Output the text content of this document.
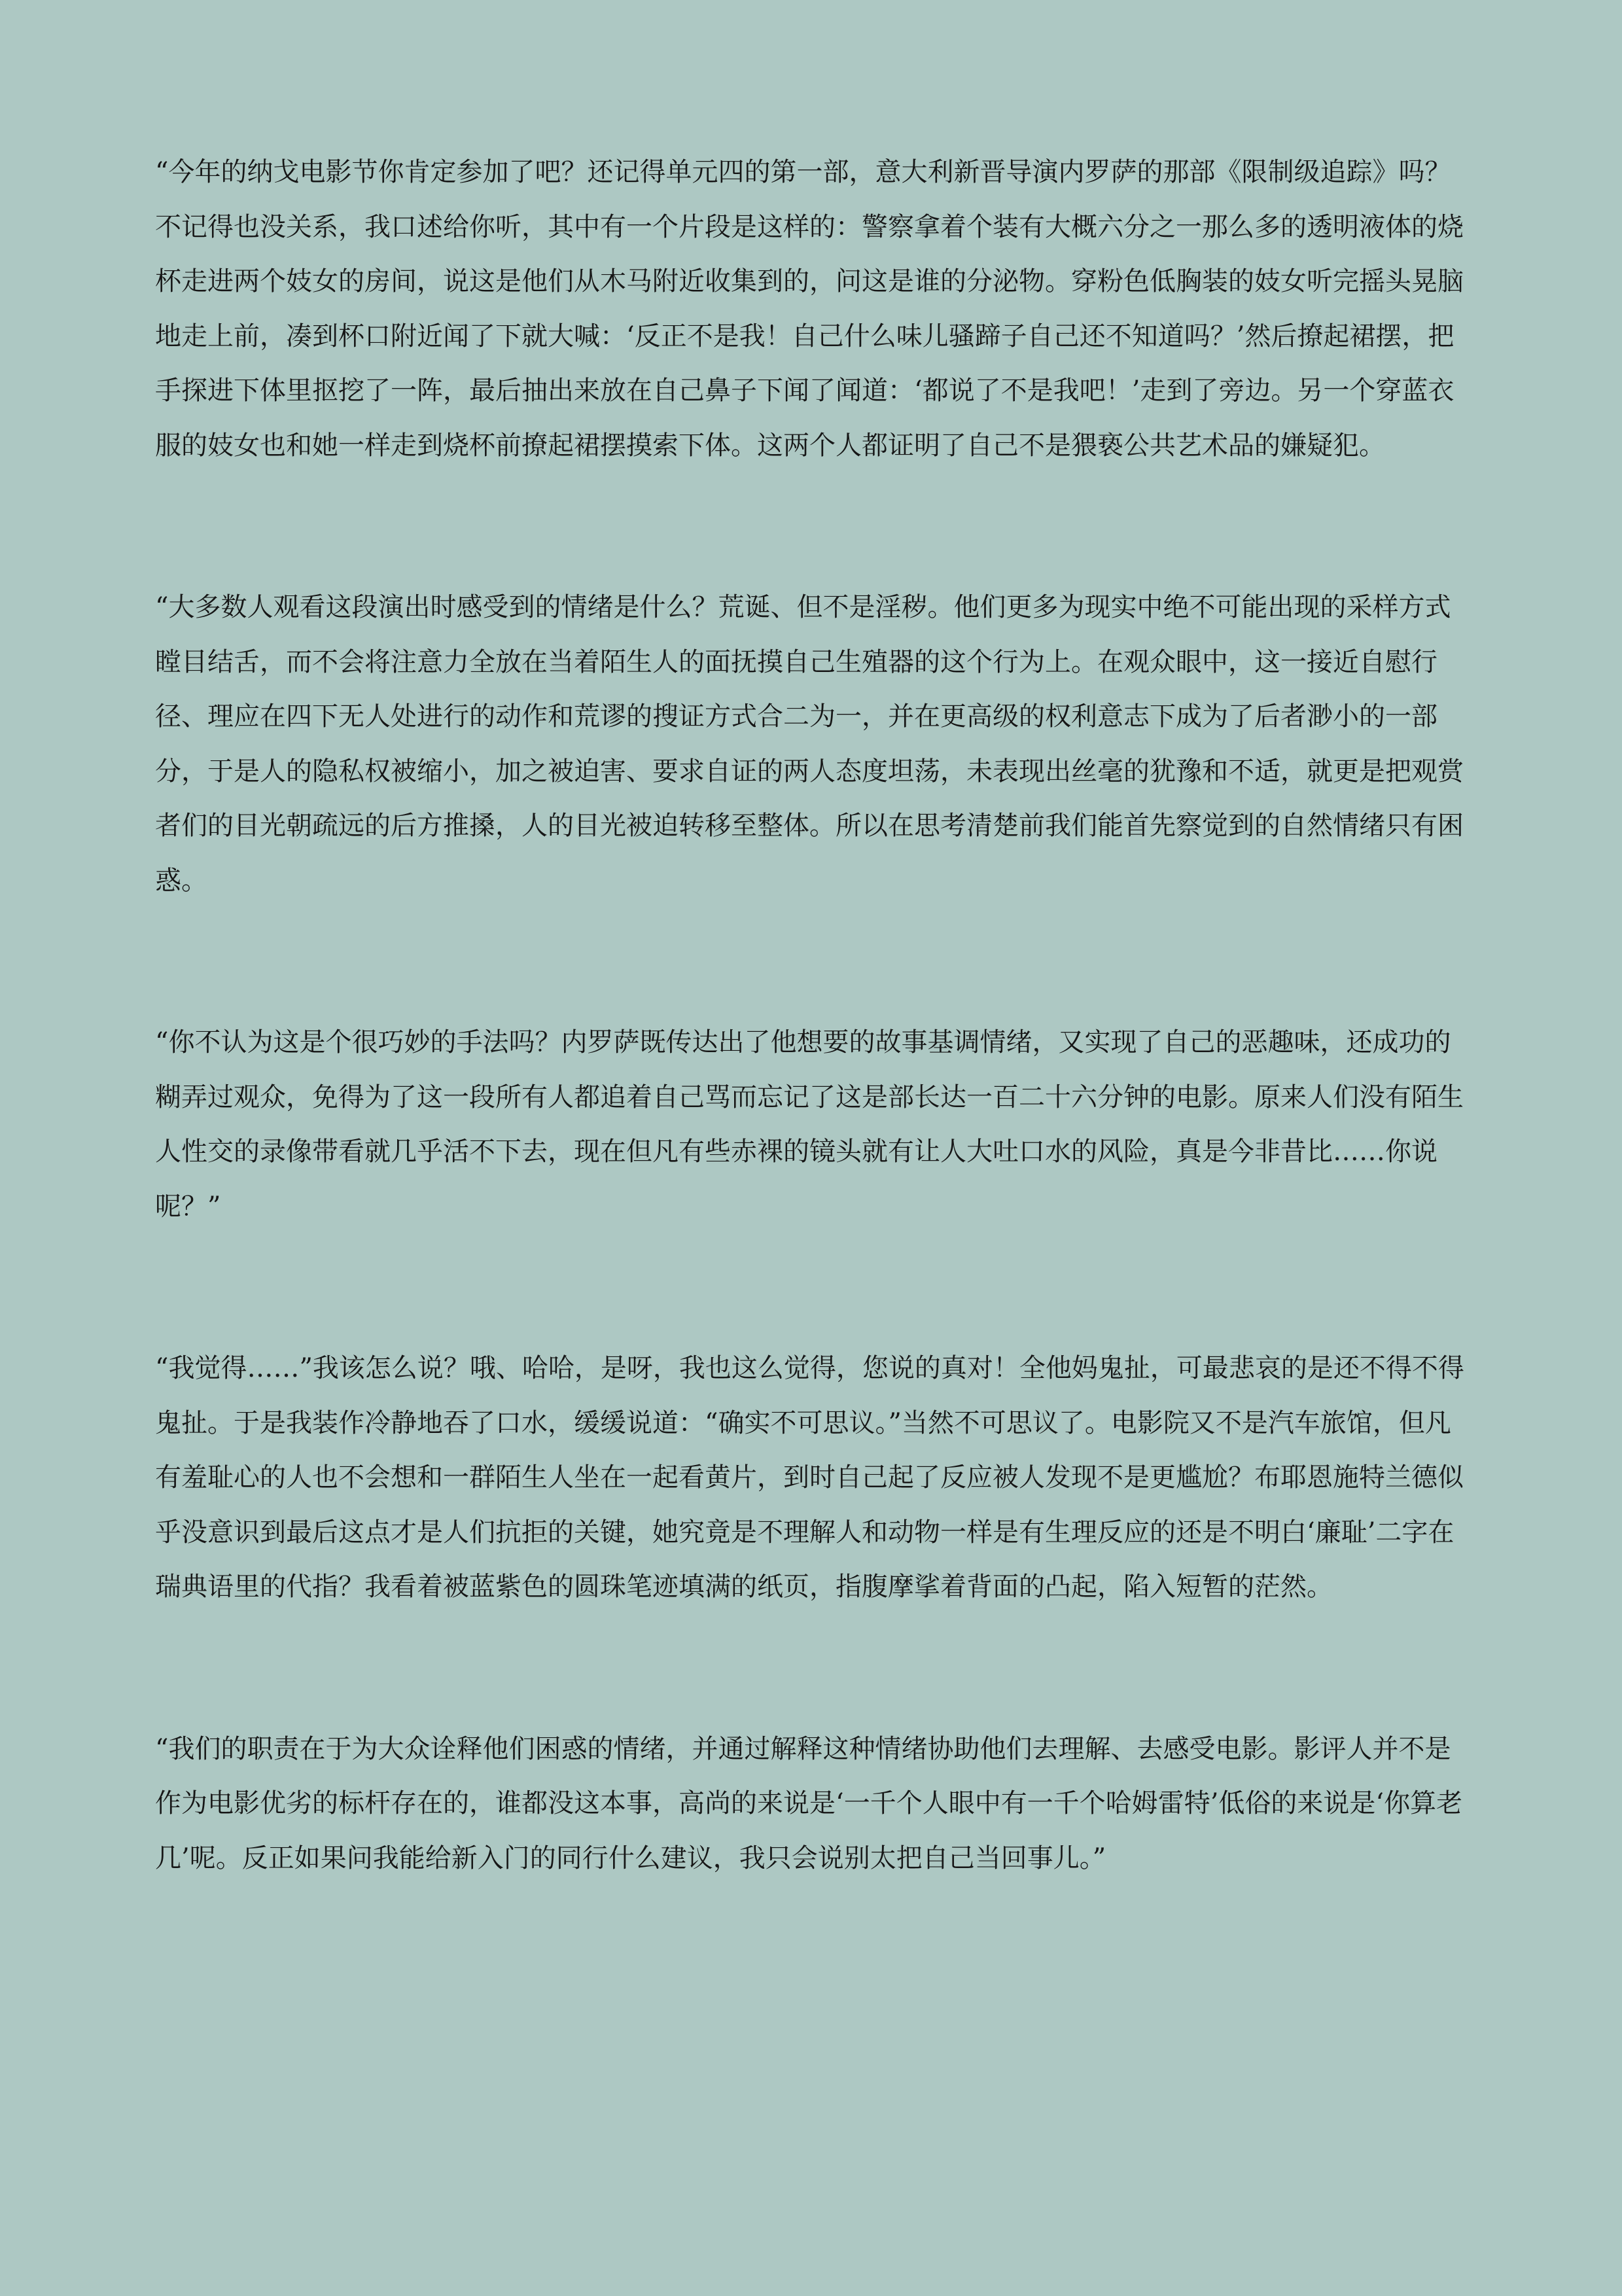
“今年的纳戈电影节你肯定参加了吧？还记得单元四的第一部，意大利新晋导演内罗萨的那部《限制级追踪》吗？不记得也没关系，我口述给你听，其中有一个片段是这样的：警察拿着个装有大概六分之一那么多的透明液体的烧杯走进两个妓女的房间，说这是他们从木马附近收集到的，问这是谁的分泌物。穿粉色低胸装的妓女听完摇头晃脑地走上前，凑到杯口附近闻了下就大喊：‘反正不是我！自己什么味儿骚蹄子自己还不知道吗？’然后撩起裙摆，把手探进下体里抠挖了一阵，最后抽出来放在自己鼻子下闻了闻道：‘都说了不是我吧！’走到了旁边。另一个穿蓝衣服的妓女也和她一样走到烧杯前撩起裙摆摸索下体。这两个人都证明了自己不是猥亵公共艺术品的嫌疑犯。

“大多数人观看这段演出时感受到的情绪是什么？荒诞、但不是淫秽。他们更多为现实中绝不可能出现的采样方式瞠目结舌，而不会将注意力全放在当着陌生人的面抚摸自己生殖器的这个行为上。在观众眼中，这一接近自慰行径、理应在四下无人处进行的动作和荒谬的搜证方式合二为一，并在更高级的权利意志下成为了后者渺小的一部分，于是人的隐私权被缩小，加之被迫害、要求自证的两人态度坦荡，未表现出丝毫的犹豫和不适，就更是把观赏者们的目光朝疏远的后方推搡，人的目光被迫转移至整体。所以在思考清楚前我们能首先察觉到的自然情绪只有困惑。

“你不认为这是个很巧妙的手法吗？内罗萨既传达出了他想要的故事基调情绪，又实现了自己的恶趣味，还成功的糊弄过观众，免得为了这一段所有人都追着自己骂而忘记了这是部长达一百二十六分钟的电影。原来人们没有陌生人性交的录像带看就几乎活不下去，现在但凡有些赤裸的镜头就有让人大吐口水的风险，真是今非昔比……你说呢？”

“我觉得……”我该怎么说？哦、哈哈，是呀，我也这么觉得，您说的真对！全他妈鬼扯，可最悲哀的是还不得不得鬼扯。于是我装作冷静地吞了口水，缓缓说道：“确实不可思议。”当然不可思议了。电影院又不是汽车旅馆，但凡有羞耻心的人也不会想和一群陌生人坐在一起看黄片，到时自己起了反应被人发现不是更尴尬？布耶恩施特兰德似乎没意识到最后这点才是人们抗拒的关键，她究竟是不理解人和动物一样是有生理反应的还是不明白‘廉耻’二字在瑞典语里的代指？我看着被蓝紫色的圆珠笔迹填满的纸页，指腹摩挲着背面的凸起，陷入短暂的茫然。

“我们的职责在于为大众诠释他们困惑的情绪，并通过解释这种情绪协助他们去理解、去感受电影。影评人并不是作为电影优劣的标杆存在的，谁都没这本事，高尚的来说是‘一千个人眼中有一千个哈姆雷特’低俗的来说是‘你算老几’呢。反正如果问我能给新入门的同行什么建议，我只会说别太把自己当回事儿。”
